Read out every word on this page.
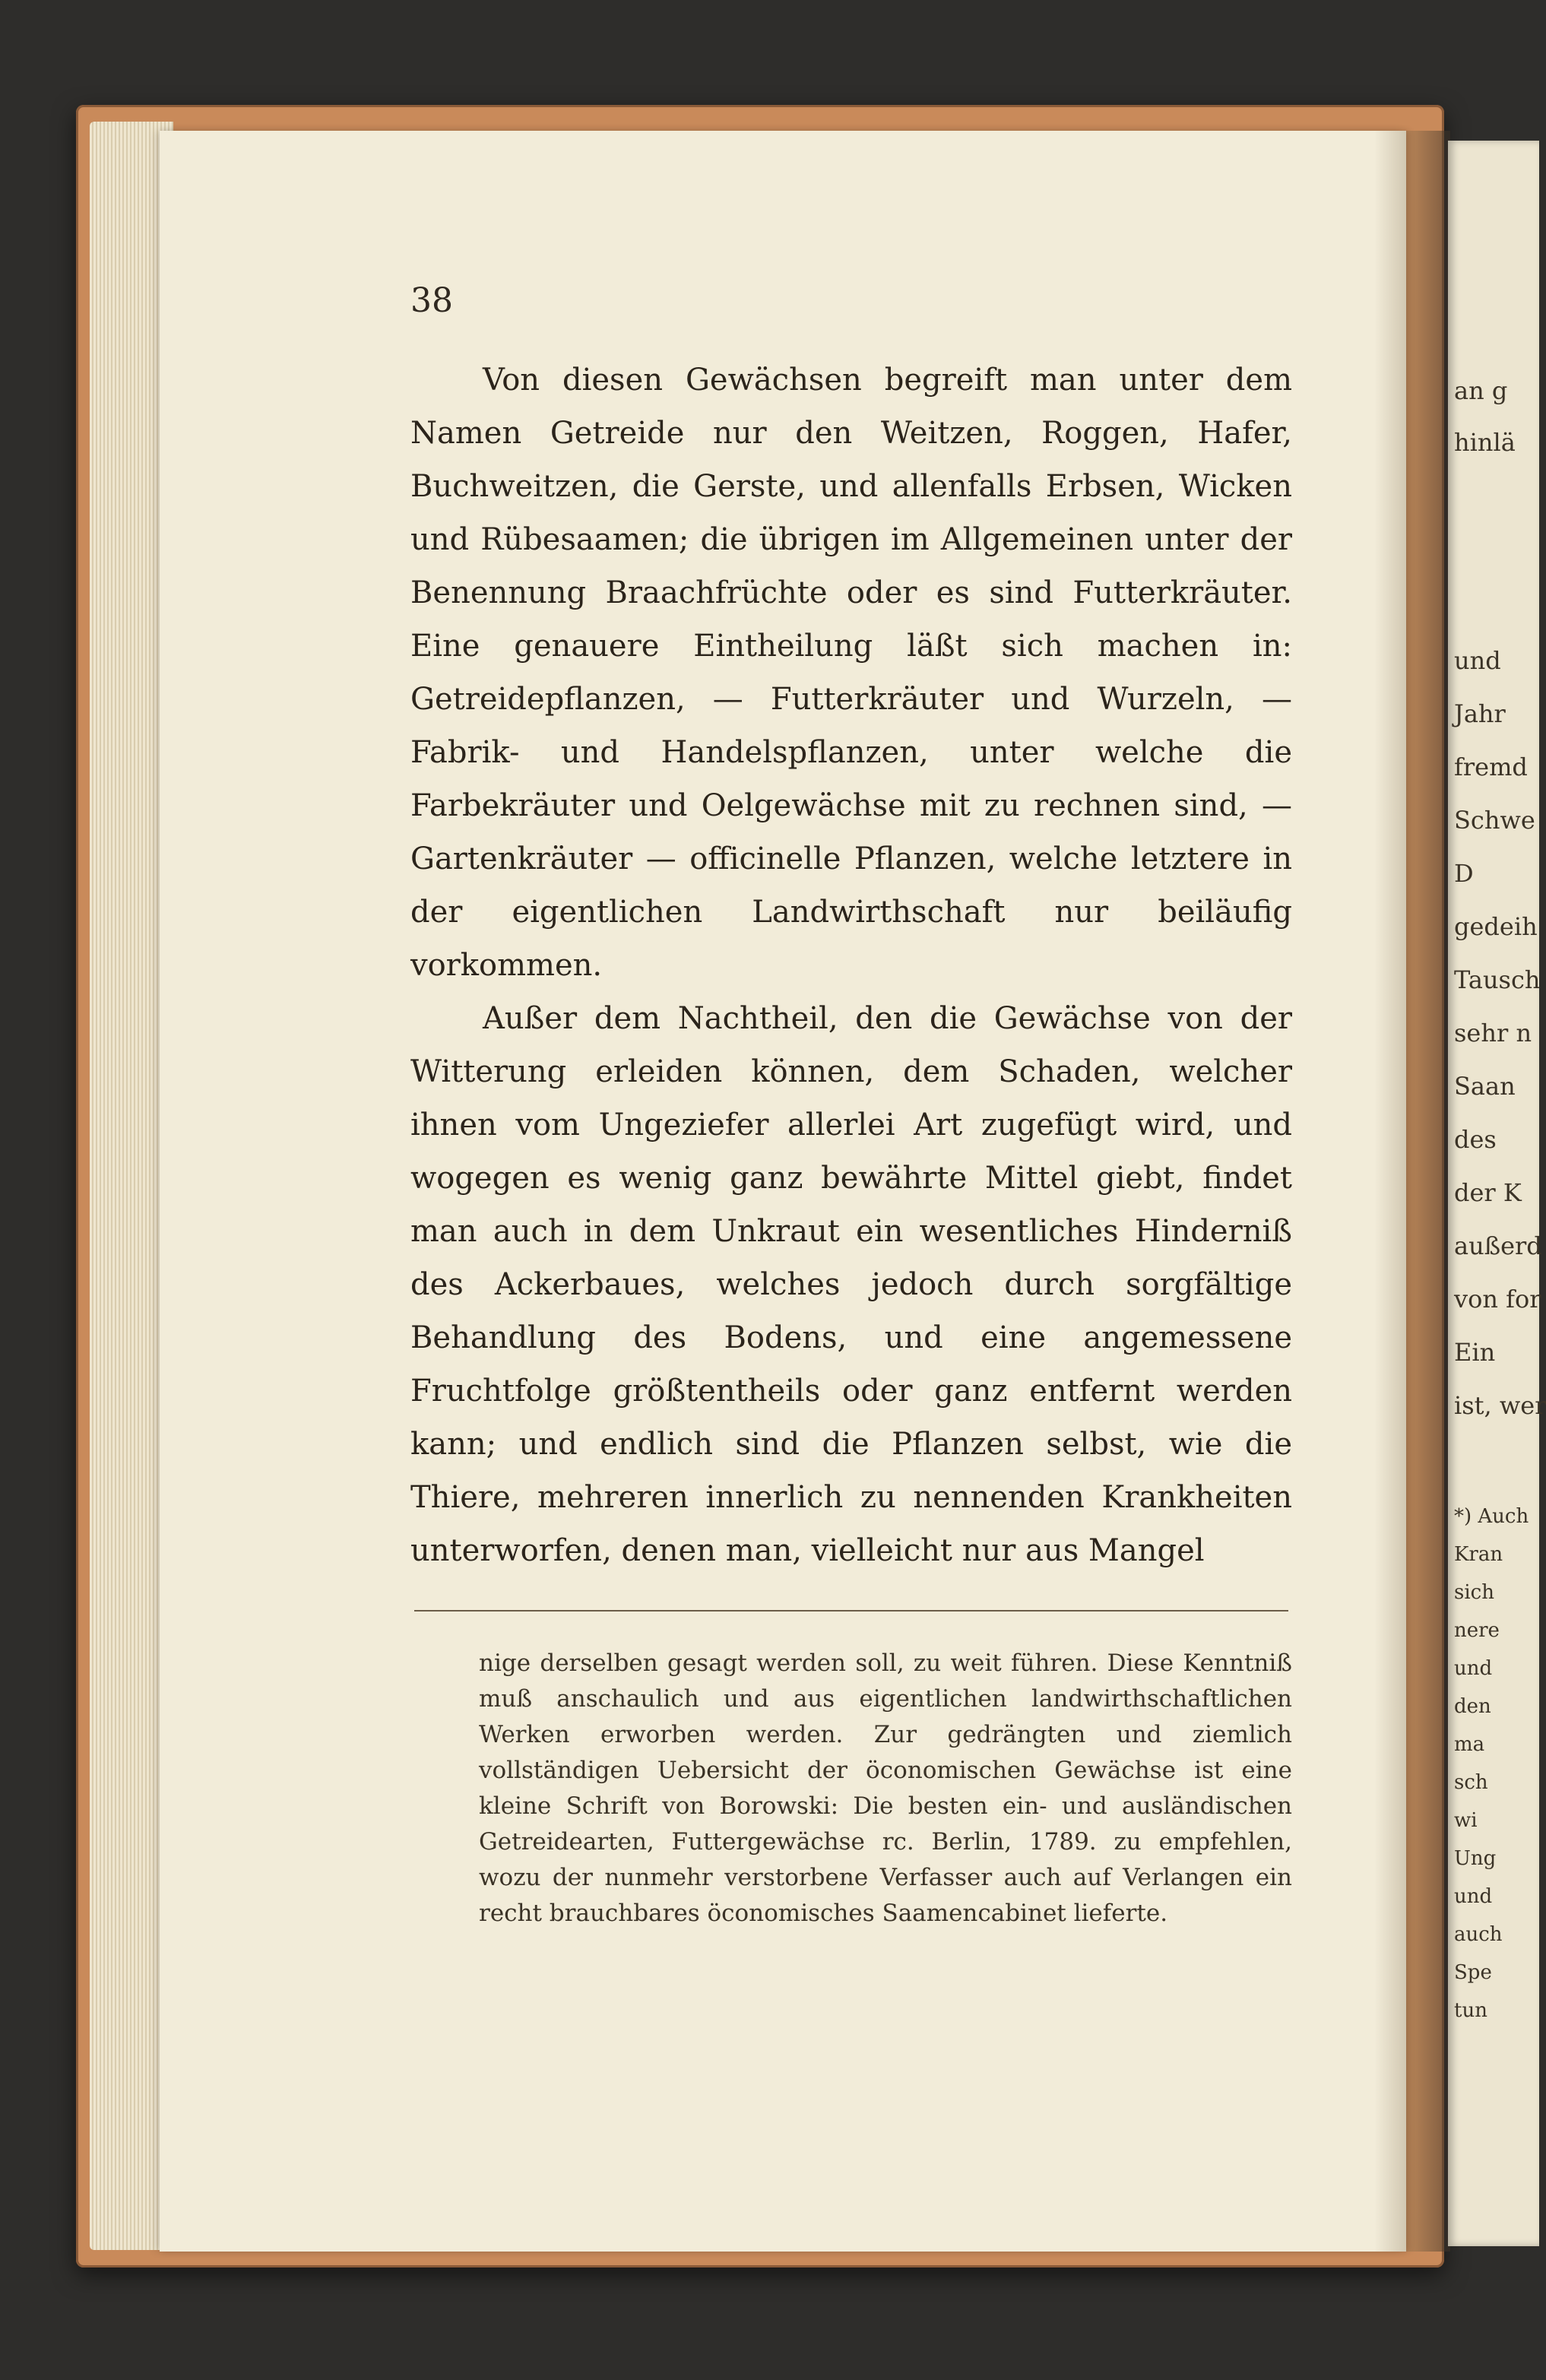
an g
hinlä
und
Jahr
fremd
Schwe
D
gedeih
Tausch
sehr n
Saan
des
der K
außerd
von for
Ein
ist, wer
*) Auch
Kran
sich
nere
und
den
ma
sch
wi
Ung
und
auch
Spe
tun
38

Von diesen Gewächsen begreift man unter dem Namen Getreide nur den Weitzen, Roggen, Hafer, Buchweitzen, die Gerste, und allenfalls Erbsen, Wicken und Rübesaamen; die übrigen im Allgemeinen unter der Benennung Braachfrüchte oder es sind Futterkräuter. Eine genauere Eintheilung läßt sich machen in: Getreidepflanzen, — Futterkräuter und Wurzeln, — Fabrik- und Handelspflanzen, unter welche die Farbekräuter und Oelgewächse mit zu rechnen sind, — Gartenkräuter — officinelle Pflanzen, welche letztere in der eigentlichen Landwirthschaft nur beiläufig vorkommen.

Außer dem Nachtheil, den die Gewächse von der Witterung erleiden können, dem Schaden, welcher ihnen vom Ungeziefer allerlei Art zugefügt wird, und wogegen es wenig ganz bewährte Mittel giebt, findet man auch in dem Unkraut ein wesentliches Hinderniß des Ackerbaues, welches jedoch durch sorgfältige Behandlung des Bodens, und eine angemessene Fruchtfolge größtentheils oder ganz entfernt werden kann; und endlich sind die Pflanzen selbst, wie die Thiere, mehreren innerlich zu nennenden Krankheiten unterworfen, denen man, vielleicht nur aus Mangel

nige derselben gesagt werden soll, zu weit führen. Diese Kenntniß muß anschaulich und aus eigentlichen landwirthschaftlichen Werken erworben werden. Zur gedrängten und ziemlich vollständigen Uebersicht der öconomischen Gewächse ist eine kleine Schrift von Borowski: Die besten ein- und ausländischen Getreidearten, Futtergewächse rc. Berlin, 1789. zu empfehlen, wozu der nunmehr verstorbene Verfasser auch auf Verlangen ein recht brauchbares öconomisches Saamencabinet lieferte.
